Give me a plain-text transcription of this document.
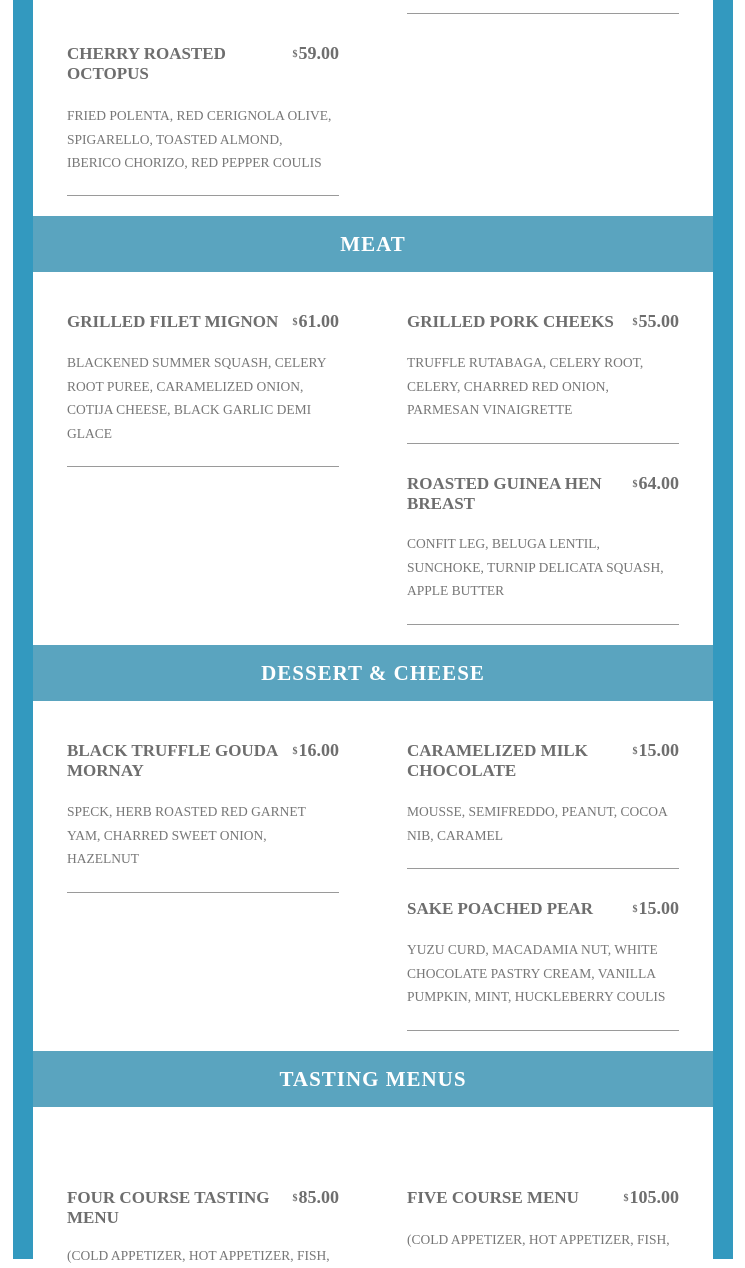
CHERRY ROASTED OCTOPUS
$59.00
FRIED POLENTA, RED CERIGNOLA OLIVE, SPIGARELLO, TOASTED ALMOND, IBERICO CHORIZO, RED PEPPER COULIS
MEAT
GRILLED FILET MIGNON $61.00
BLACKENED SUMMER SQUASH, CELERY ROOT PUREE, CARAMELIZED ONION, COTIJA CHEESE, BLACK GARLIC DEMI GLACE
GRILLED PORK CHEEKS	$55.00
TRUFFLE RUTABAGA, CELERY ROOT, CELERY, CHARRED RED ONION, PARMESAN VINAIGRETTE
ROASTED GUINEA HEN BREAST
$64.00
CONFIT LEG, BELUGA LENTIL, SUNCHOKE, TURNIP DELICATA SQUASH, APPLE BUTTER
DESSERT & CHEESE
BLACK TRUFFLE GOUDA MORNAY
$16.00
SPECK, HERB ROASTED RED GARNET YAM, CHARRED SWEET ONION, HAZELNUT
CARAMELIZED MILK CHOCOLATE
$15.00
MOUSSE, SEMIFREDDO, PEANUT, COCOA NIB, CARAMEL
SAKE POACHED PEAR	$15.00
YUZU CURD, MACADAMIA NUT, WHITE CHOCOLATE PASTRY CREAM, VANILLA PUMPKIN, MINT, HUCKLEBERRY COULIS
TASTING MENUS
FOUR COURSE TASTING MENU
$85.00
(COLD APPETIZER, HOT APPETIZER, FISH,
FIVE COURSE MENU	$105.00
(COLD APPETIZER, HOT APPETIZER, FISH,
